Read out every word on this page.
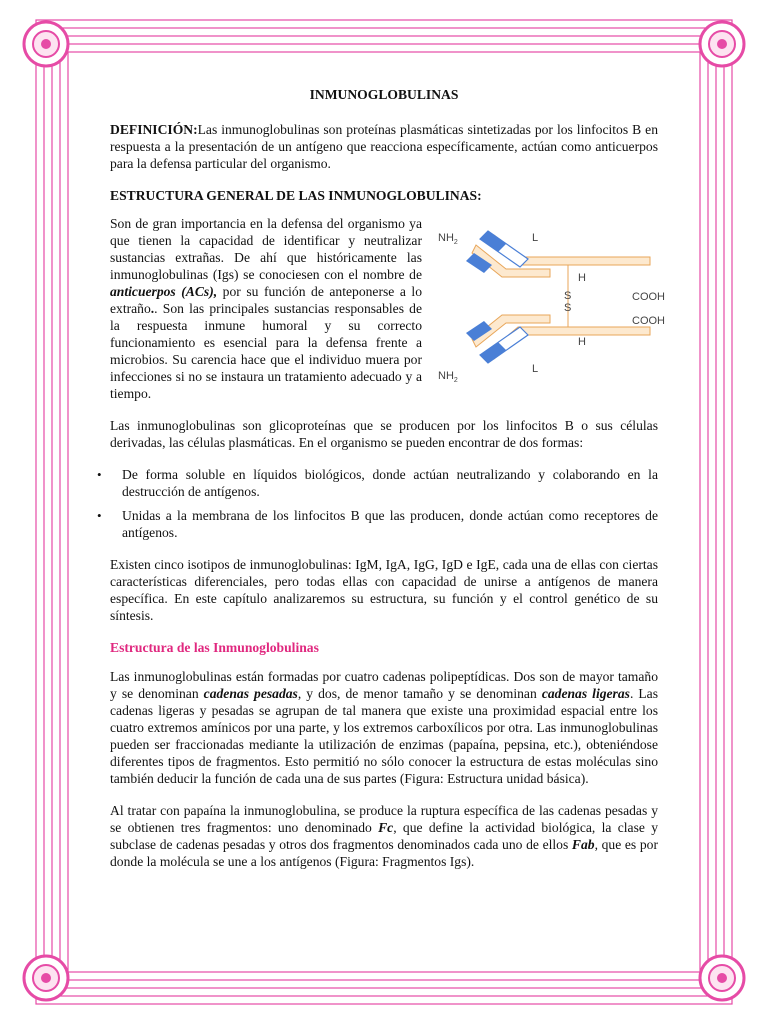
INMUNOGLOBULINAS

DEFINICIÓN:Las inmunoglobulinas son proteínas plasmáticas sintetizadas por los linfocitos B en respuesta a la presentación de un antígeno que reacciona específicamente, actúan como anticuerpos para la defensa particular del organismo.

ESTRUCTURA GENERAL DE LAS INMUNOGLOBULINAS:

Son de gran importancia en la defensa del organismo ya que tienen la capacidad de identificar y neutralizar sustancias extrañas. De ahí que históricamente las inmunoglobulinas (Igs) se conociesen con el nombre de anticuerpos (ACs), por su función de anteponerse a lo extraño.. Son las principales sustancias responsables de la respuesta inmune humoral y su correcto funcionamiento es esencial para la defensa frente a microbios. Su carencia hace que el individuo muera por infecciones si no se instaura un tratamiento adecuado y a tiempo.

$NH_2$	L
H
S
S
COOH
COOH
H
$NH_2$
L

Las inmunoglobulinas son glicoproteínas que se producen por los linfocitos B o sus células derivadas, las células plasmáticas. En el organismo se pueden encontrar de dos formas:

• De forma soluble en líquidos biológicos, donde actúan neutralizando y colaborando en la destrucción de antígenos.
• Unidas a la membrana de los linfocitos B que las producen, donde actúan como receptores de antígenos.

Existen cinco isotipos de inmunoglobulinas: IgM, IgA, IgG, IgD e IgE, cada una de ellas con ciertas características diferenciales, pero todas ellas con capacidad de unirse a antígenos de manera específica. En este capítulo analizaremos su estructura, su función y el control genético de su síntesis.

Estructura de las Inmunoglobulinas

Las inmunoglobulinas están formadas por cuatro cadenas polipeptídicas. Dos son de mayor tamaño y se denominan cadenas pesadas, y dos, de menor tamaño y se denominan cadenas ligeras. Las cadenas ligeras y pesadas se agrupan de tal manera que existe una proximidad espacial entre los cuatro extremos amínicos por una parte, y los extremos carboxílicos por otra. Las inmunoglobulinas pueden ser fraccionadas mediante la utilización de enzimas (papaína, pepsina, etc.), obteniéndose diferentes tipos de fragmentos. Esto permitió no sólo conocer la estructura de estas moléculas sino también deducir la función de cada una de sus partes (Figura: Estructura unidad básica).

Al tratar con papaína la inmunoglobulina, se produce la ruptura específica de las cadenas pesadas y se obtienen tres fragmentos: uno denominado Fc, que define la actividad biológica, la clase y subclase de cadenas pesadas y otros dos fragmentos denominados cada uno de ellos Fab, que es por donde la molécula se une a los antígenos (Figura: Fragmentos Igs).
